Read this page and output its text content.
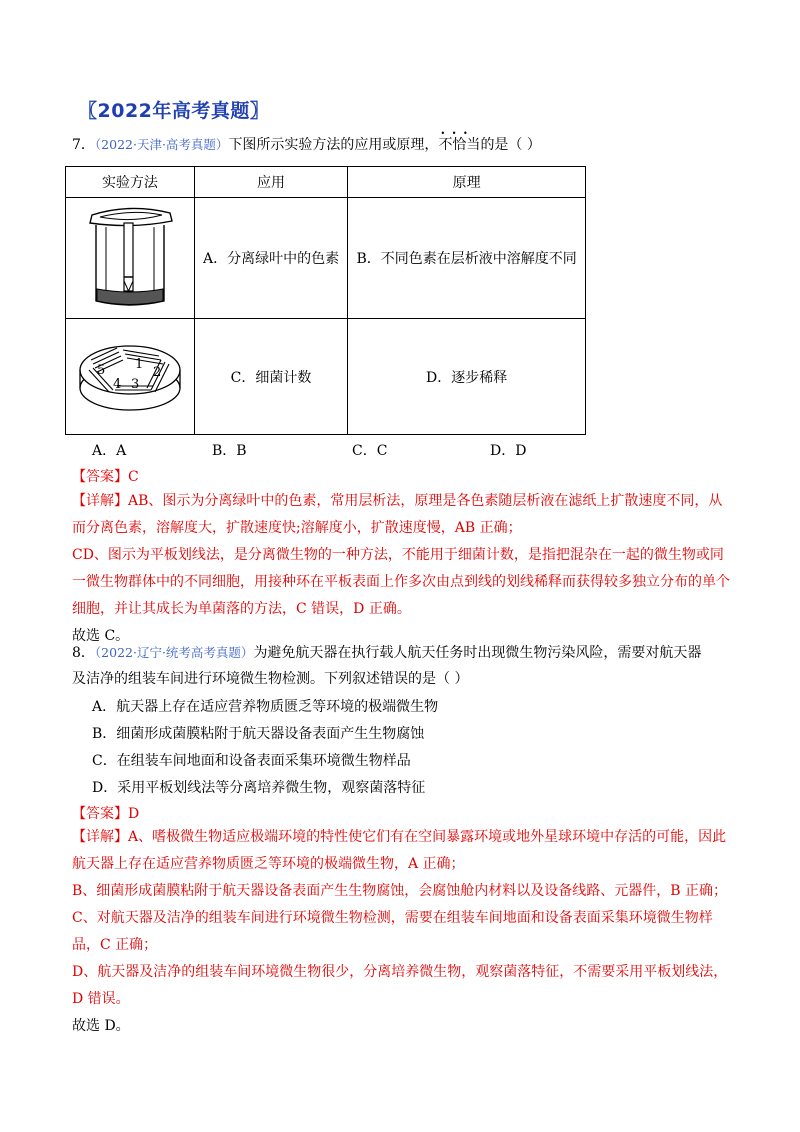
〖2022年高考真题〗
7．（2022·天津·高考真题）下图所示实验方法的应用或原理，• • • 不恰当的是（ ）
实验方法	应用	原理
	A．分离绿叶中的色素	B．不同色素在层析液中溶解度不同

1
2
3
4
5	C．细菌计数	D．逐步稀释
A．A	B．B	C．C	D．D
【答案】C

【详解】AB、图示为分离绿叶中的色素，常用层析法，原理是各色素随层析液在滤纸上扩散速度不同，从而分离色素，溶解度大，扩散速度快;溶解度小，扩散速度慢，AB 正确；

CD、图示为平板划线法，是分离微生物的一种方法，不能用于细菌计数，是指把混杂在一起的微生物或同一微生物群体中的不同细胞，用接种环在平板表面上作多次由点到线的划线稀释而获得较多独立分布的单个细胞，并让其成长为单菌落的方法，C 错误，D 正确。

故选 C。

8．（2022·辽宁·统考高考真题）为避免航天器在执行载人航天任务时出现微生物污染风险，需要对航天器
及洁净的组装车间进行环境微生物检测。下列叙述错误的是（ ）
A．航天器上存在适应营养物质匮乏等环境的极端微生物
B．细菌形成菌膜粘附于航天器设备表面产生生物腐蚀
C．在组装车间地面和设备表面采集环境微生物样品
D．采用平板划线法等分离培养微生物，观察菌落特征
【答案】D

【详解】A、嗜极微生物适应极端环境的特性使它们有在空间暴露环境或地外星球环境中存活的可能，因此航天器上存在适应营养物质匮乏等环境的极端微生物，A 正确；

B、细菌形成菌膜粘附于航天器设备表面产生生物腐蚀，会腐蚀舱内材料以及设备线路、元器件，B 正确；

C、对航天器及洁净的组装车间进行环境微生物检测，需要在组装车间地面和设备表面采集环境微生物样品，C 正确；

D、航天器及洁净的组装车间环境微生物很少，分离培养微生物，观察菌落特征，不需要采用平板划线法，D 错误。

故选 D。
